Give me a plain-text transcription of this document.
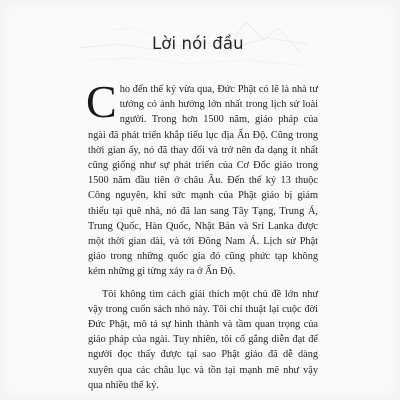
Lời nói đầu

Cho đến thế kỷ vừa qua, Đức Phật có lẽ là nhà tư tưởng có ảnh hưởng lớn nhất trong lịch sử loài người. Trong hơn 1500 năm, giáo pháp của ngài đã phát triển khắp tiểu lục địa Ấn Độ. Cũng trong thời gian ấy, nó đã thay đổi và trở nên đa dạng ít nhất cũng giống như sự phát triển của Cơ Đốc giáo trong 1500 năm đầu tiên ở châu Âu. Đến thế kỷ 13 thuộc Công nguyên, khi sức mạnh của Phật giáo bị giảm thiểu tại quê nhà, nó đã lan sang Tây Tạng, Trung Á, Trung Quốc, Hàn Quốc, Nhật Bản và Sri Lanka được một thời gian dài, và tới Đông Nam Á. Lịch sử Phật giáo trong những quốc gia đó cũng phức tạp không kém những gì từng xảy ra ở Ấn Độ.

Tôi không tìm cách giải thích một chủ đề lớn như vậy trong cuốn sách nhỏ này. Tôi chỉ thuật lại cuộc đời Đức Phật, mô tả sự hình thành và tầm quan trọng của giáo pháp của ngài. Tuy nhiên, tôi cố gắng diễn đạt để người đọc thấy được tại sao Phật giáo đã dễ dàng xuyên qua các châu lục và tồn tại mạnh mẽ như vậy qua nhiều thế kỷ.
